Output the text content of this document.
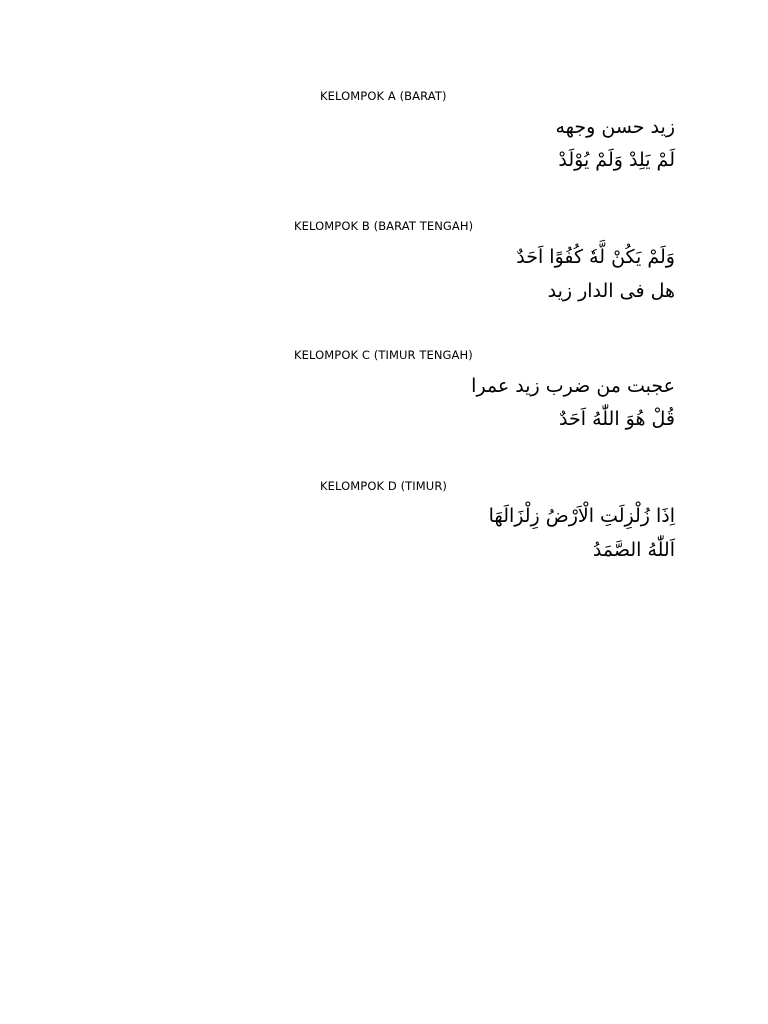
KELOMPOK A (BARAT)
زيد حسن وجهه
لَمْ يَلِدْ وَلَمْ يُوْلَدْ
KELOMPOK B (BARAT TENGAH)
وَلَمْ يَكُنْ لَّهٗ كُفُوًا اَحَدٌ
هل فى الدار زيد
KELOMPOK C (TIMUR TENGAH)
عجبت من ضرب زيد عمرا
قُلْ هُوَ اللّٰهُ اَحَدٌ
KELOMPOK D (TIMUR)
اِذَا زُلْزِلَتِ الْاَرْضُ زِلْزَالَهَا
اَللّٰهُ الصَّمَدُ
